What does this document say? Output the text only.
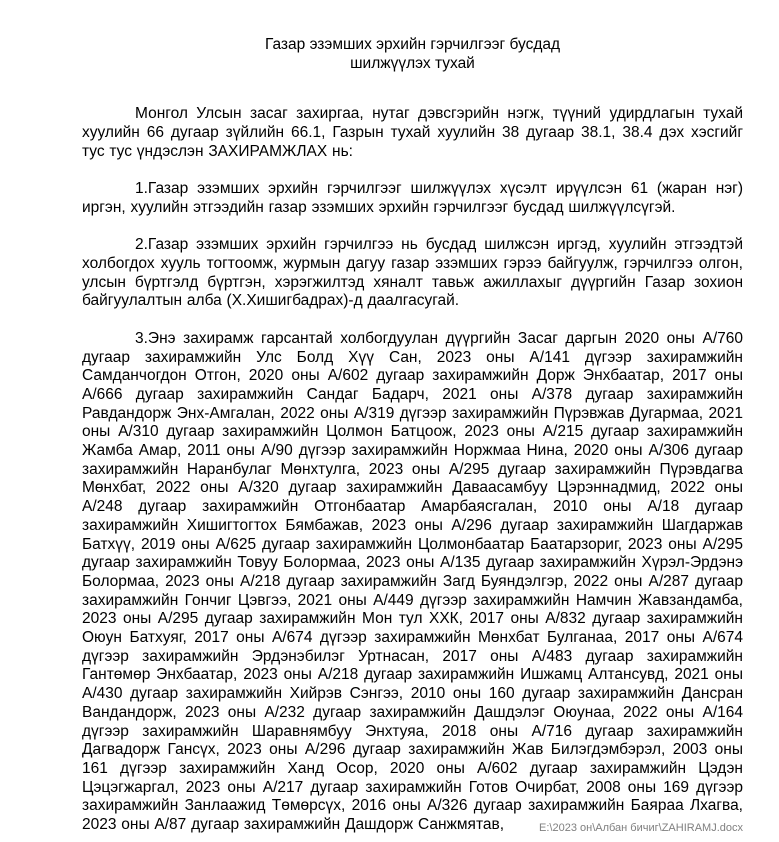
Газар эзэмших эрхийн гэрчилгээг бусдад
шилжүүлэх тухай

Монгол Улсын засаг захиргаа, нутаг дэвсгэрийн нэгж, түүний удирдлагын тухай хуулийн 66 дугаар зүйлийн 66.1, Газрын тухай хуулийн 38 дугаар 38.1, 38.4 дэх хэсгийг тус тус үндэслэн ЗАХИРАМЖЛАХ нь:

1.Газар эзэмших эрхийн гэрчилгээг шилжүүлэх хүсэлт ирүүлсэн 61 (жаран нэг) иргэн, хуулийн этгээдийн газар эзэмших эрхийн гэрчилгээг бусдад шилжүүлсүгэй.

2.Газар эзэмших эрхийн гэрчилгээ нь бусдад шилжсэн иргэд, хуулийн этгээдтэй холбогдох хууль тогтоомж, журмын дагуу газар эзэмших гэрээ байгуулж, гэрчилгээ олгон, улсын бүртгэлд бүртгэн, хэрэгжилтэд хяналт тавьж ажиллахыг дүүргийн Газар зохион байгуулалтын алба (Х.Хишигбадрах)-д даалгасугай.

3.Энэ захирамж гарсантай холбогдуулан дүүргийн Засаг даргын 2020 оны А/760 дугаар захирамжийн Улс Болд Хүү Сан, 2023 оны А/141 дүгээр захирамжийн Самданчогдон Отгон, 2020 оны А/602 дугаар захирамжийн Дорж Энхбаатар, 2017 оны А/666 дугаар захирамжийн Сандаг Бадарч, 2021 оны А/378 дугаар захирамжийн Равдандорж Энх-Амгалан, 2022 оны А/319 дүгээр захирамжийн Пүрэвжав Дугармаа, 2021 оны А/310 дугаар захирамжийн Цолмон Батцоож, 2023 оны А/215 дугаар захирамжийн Жамба Амар, 2011 оны А/90 дүгээр захирамжийн Норжмаа Нина, 2020 оны А/306 дугаар захирамжийн Наранбулаг Мөнхтулга, 2023 оны А/295 дугаар захирамжийн Пүрэвдагва Мөнхбат, 2022 оны А/320 дугаар захирамжийн Даваасамбуу Цэрэннадмид, 2022 оны А/248 дугаар захирамжийн Отгонбаатар Амарбаясгалан, 2010 оны А/18 дугаар захирамжийн Хишигтогтох Бямбажав, 2023 оны А/296 дугаар захирамжийн Шагдаржав Батхүү, 2019 оны А/625 дугаар захирамжийн Цолмонбаатар Баатарзориг, 2023 оны А/295 дугаар захирамжийн Товуу Болормаа, 2023 оны А/135 дугаар захирамжийн Хүрэл-Эрдэнэ Болормаа, 2023 оны А/218 дугаар захирамжийн Загд Буяндэлгэр, 2022 оны А/287 дугаар захирамжийн Гончиг Цэвгээ, 2021 оны А/449 дүгээр захирамжийн Намчин Жавзандамба, 2023 оны А/295 дугаар захирамжийн Мон тул ХХК, 2017 оны А/832 дугаар захирамжийн Оюун Батхуяг, 2017 оны А/674 дүгээр захирамжийн Мөнхбат Булганаа, 2017 оны А/674 дүгээр захирамжийн Эрдэнэбилэг Уртнасан, 2017 оны А/483 дугаар захирамжийн Гантөмөр Энхбаатар, 2023 оны А/218 дугаар захирамжийн Ишжамц Алтансувд, 2021 оны А/430 дугаар захирамжийн Хийрэв Сэнгээ, 2010 оны 160 дугаар захирамжийн Дансран Вандандорж, 2023 оны А/232 дугаар захирамжийн Дашдэлэг Оюунаа, 2022 оны А/164 дүгээр захирамжийн Шаравнямбуу Энхтуяа, 2018 оны А/716 дугаар захирамжийн Дагвадорж Гансүх, 2023 оны А/296 дугаар захирамжийн Жав Билэгдэмбэрэл, 2003 оны 161 дүгээр захирамжийн Ханд Осор, 2020 оны А/602 дугаар захирамжийн Цэдэн Цэцэгжаргал, 2023 оны А/217 дугаар захирамжийн Готов Очирбат, 2008 оны 169 дүгээр захирамжийн Занлаажид Төмөрсүх, 2016 оны А/326 дугаар захирамжийн Баяраа Лхагва, 2023 оны А/87 дугаар захирамжийн Дашдорж Санжмятав,	E:\2023 он\Албан бичиг\ZAHIRAMJ.docx
